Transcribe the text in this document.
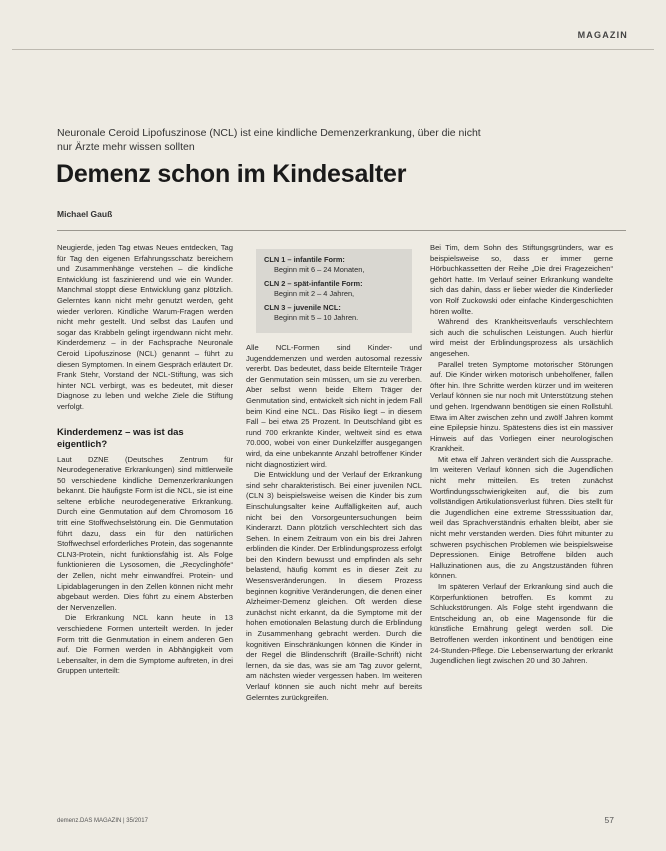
MAGAZIN
Neuronale Ceroid Lipofuszinose (NCL) ist eine kindliche Demenzerkrankung, über die nicht nur Ärzte mehr wissen sollten
Demenz schon im Kindesalter
Michael Gauß

Neugierde, jeden Tag etwas Neues entdecken, Tag für Tag den eigenen Erfahrungsschatz bereichern und Zusammenhänge verstehen – die kindliche Entwicklung ist faszinierend und wie ein Wunder. Manchmal stoppt diese Entwicklung ganz plötzlich. Gelerntes kann nicht mehr genutzt werden, geht wieder verloren. Kindliche Warum-Fragen werden nicht mehr gestellt. Und selbst das Laufen und sogar das Krabbeln gelingt irgendwann nicht mehr. Kinderdemenz – in der Fachsprache Neuronale Ceroid Lipofuszinose (NCL) genannt – führt zu diesen Symptomen. In einem Gespräch erläutert Dr. Frank Stehr, Vorstand der NCL-Stiftung, was sich hinter NCL verbirgt, was es bedeutet, mit dieser Diagnose zu leben und welche Ziele die Stiftung verfolgt.

Kinderdemenz – was ist das eigentlich?

Laut DZNE (Deutsches Zentrum für Neurodegenerative Erkrankungen) sind mittlerweile 50 verschiedene kindliche Demenzerkrankungen bekannt. Die häufigste Form ist die NCL, sie ist eine seltene erbliche neurodegenerative Erkrankung. Durch eine Genmutation auf dem Chromosom 16 tritt eine Stoffwechselstörung ein. Die Genmutation führt dazu, dass ein für den natürlichen Stoffwechsel erforderliches Protein, das sogenannte CLN3-Protein, nicht funktionsfähig ist. Als Folge funktionieren die Lysosomen, die „Recyclinghöfe“ der Zellen, nicht mehr einwandfrei. Protein- und Lipidablagerungen in den Zellen können nicht mehr abgebaut werden. Dies führt zu einem Absterben der Nervenzellen.

Die Erkrankung NCL kann heute in 13 verschiedene Formen unterteilt werden. In jeder Form tritt die Genmutation in einem anderen Gen auf. Die Formen werden in Abhängigkeit vom Lebensalter, in dem die Symptome auftreten, in drei Gruppen unterteilt:

CLN 1 – infantile Form:
Beginn mit 6 – 24 Monaten,
CLN 2 – spät-infantile Form:
Beginn mit 2 – 4 Jahren,
CLN 3 – juvenile NCL:
Beginn mit 5 – 10 Jahren.

Alle NCL-Formen sind Kinder- und Jugenddemenzen und werden autosomal rezessiv vererbt. Das bedeutet, dass beide Elternteile Träger der Genmutation sein müssen, um sie zu vererben. Aber selbst wenn beide Eltern Träger der Genmutation sind, entwickelt sich nicht in jedem Fall beim Kind eine NCL. Das Risiko liegt – in diesem Fall – bei etwa 25 Prozent. In Deutschland gibt es rund 700 erkrankte Kinder, weltweit sind es etwa 70.000, wobei von einer Dunkelziffer ausgegangen wird, da eine unbekannte Anzahl betroffener Kinder nicht diagnostiziert wird.

Die Entwicklung und der Verlauf der Erkrankung sind sehr charakteristisch. Bei einer juvenilen NCL (CLN 3) beispielsweise weisen die Kinder bis zum Einschulungsalter keine Auffälligkeiten auf, auch nicht bei den Vorsorgeuntersuchungen beim Kinderarzt. Dann plötzlich verschlechtert sich das Sehen. In einem Zeitraum von ein bis drei Jahren erblinden die Kinder. Der Erblindungsprozess erfolgt bei den Kindern bewusst und empfinden als sehr belastend, häufig kommt es in dieser Zeit zu Wesensveränderungen. In diesem Prozess beginnen kognitive Veränderungen, die denen einer Alzheimer-Demenz gleichen. Oft werden diese zunächst nicht erkannt, da die Symptome mit der hohen emotionalen Belastung durch die Erblindung in Zusammenhang gebracht werden. Durch die kognitiven Einschränkungen können die Kinder in der Regel die Blindenschrift (Braille-Schrift) nicht lernen, da sie das, was sie am Tag zuvor gelernt, am nächsten wieder vergessen haben. Im weiteren Verlauf können sie auch nicht mehr auf bereits Gelerntes zurückgreifen.

Bei Tim, dem Sohn des Stiftungsgründers, war es beispielsweise so, dass er immer gerne Hörbuchkassetten der Reihe „Die drei Fragezeichen“ gehört hatte. Im Verlauf seiner Erkrankung wandelte sich das dahin, dass er lieber wieder die Kinderlieder von Rolf Zuckowski oder einfache Kindergeschichten hören wollte.

Während des Krankheitsverlaufs verschlechtern sich auch die schulischen Leistungen. Auch hierfür wird meist der Erblindungsprozess als ursächlich angesehen.

Parallel treten Symptome motorischer Störungen auf. Die Kinder wirken motorisch unbeholfener, fallen öfter hin. Ihre Schritte werden kürzer und im weiteren Verlauf können sie nur noch mit Unterstützung stehen und gehen. Irgendwann benötigen sie einen Rollstuhl. Etwa im Alter zwischen zehn und zwölf Jahren kommt eine Epilepsie hinzu. Spätestens dies ist ein massiver Hinweis auf das Vorliegen einer neurologischen Krankheit.

Mit etwa elf Jahren verändert sich die Aussprache. Im weiteren Verlauf können sich die Jugendlichen nicht mehr mitteilen. Es treten zunächst Wortfindungsschwierigkeiten auf, die bis zum vollständigen Artikulationsverlust führen. Dies stellt für die Jugendlichen eine extreme Stresssituation dar, weil das Sprachverständnis erhalten bleibt, aber sie nicht mehr verstanden werden. Dies führt mitunter zu schweren psychischen Problemen wie beispielsweise Depressionen. Einige Betroffene bilden auch Halluzinationen aus, die zu Angstzuständen führen können.

Im späteren Verlauf der Erkrankung sind auch die Körperfunktionen betroffen. Es kommt zu Schluckstörungen. Als Folge steht irgendwann die Entscheidung an, ob eine Magensonde für die künstliche Ernährung gelegt werden soll. Die Betroffenen werden inkontinent und benötigen eine 24-Stunden-Pflege. Die Lebenserwartung der erkrankt Jugendlichen liegt zwischen 20 und 30 Jahren.

demenz.DAS MAGAZIN | 35/2017	57
